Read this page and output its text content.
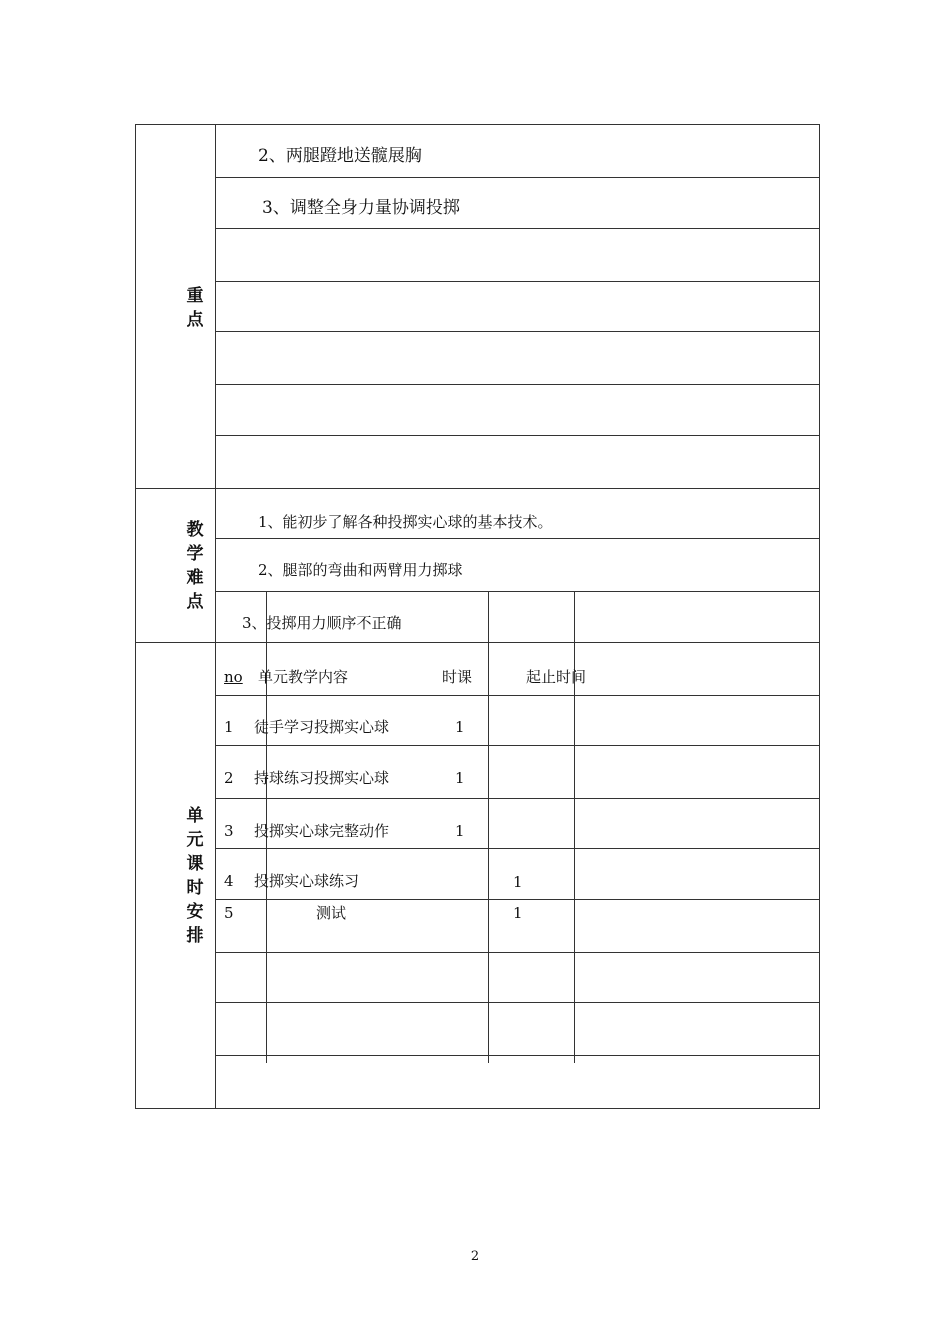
重
点
教
学
难
点
单
元
课
时
安
排
2、两腿蹬地送髋展胸
3、调整全身力量协调投掷
1、能初步了解各种投掷实心球的基本技术。
2、腿部的弯曲和两臂用力掷球
3、投掷用力顺序不正确
no 单元教学内容	时课	起止时间
1 徒手学习投掷实心球	1
2 持球练习投掷实心球	1
3 投掷实心球完整动作	1
4 投掷实心球练习	1
5	测试	1
2
